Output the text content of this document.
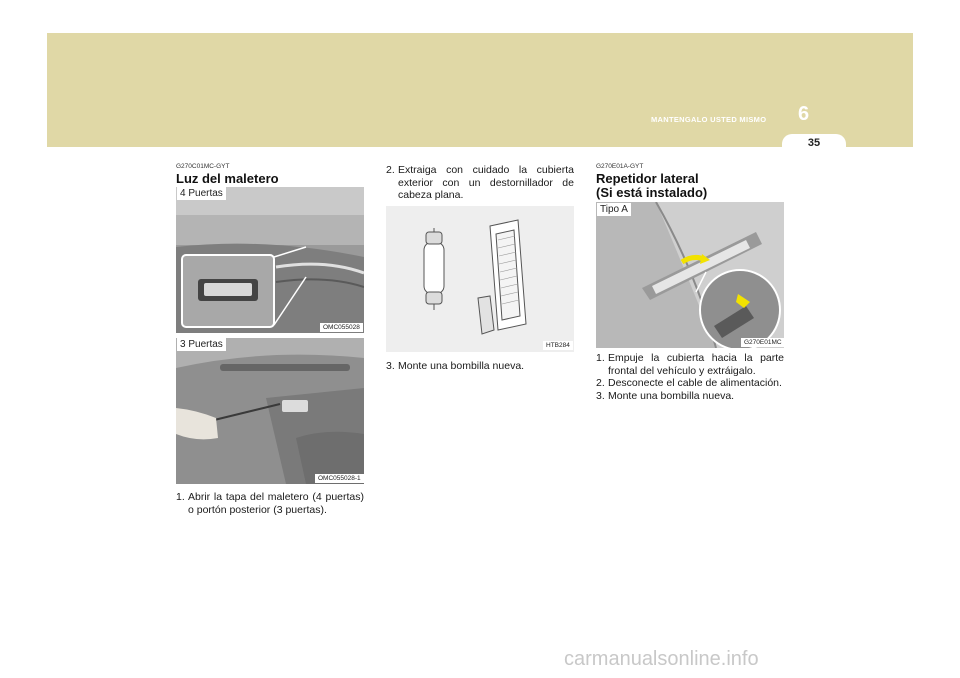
MANTENGALO USTED MISMO 6
35
G270C01MC-GYT
Luz del maletero
4 Puertas
OMC055028
3 Puertas
OMC055028-1
1. Abrir la tapa del maletero (4 puertas) o portón posterior (3 puertas).
2. Extraiga con cuidado la cubierta exterior con un destornillador de cabeza plana.
HTB284
3. Monte una bombilla nueva.
G270E01A-GYT
Repetidor lateral
(Si está instalado)
Tipo A
G270E01MC
1. Empuje la cubierta hacia la parte frontal del vehículo y extráigalo.
2. Desconecte el cable de alimentación.
3. Monte una bombilla nueva.
carmanualsonline.info
